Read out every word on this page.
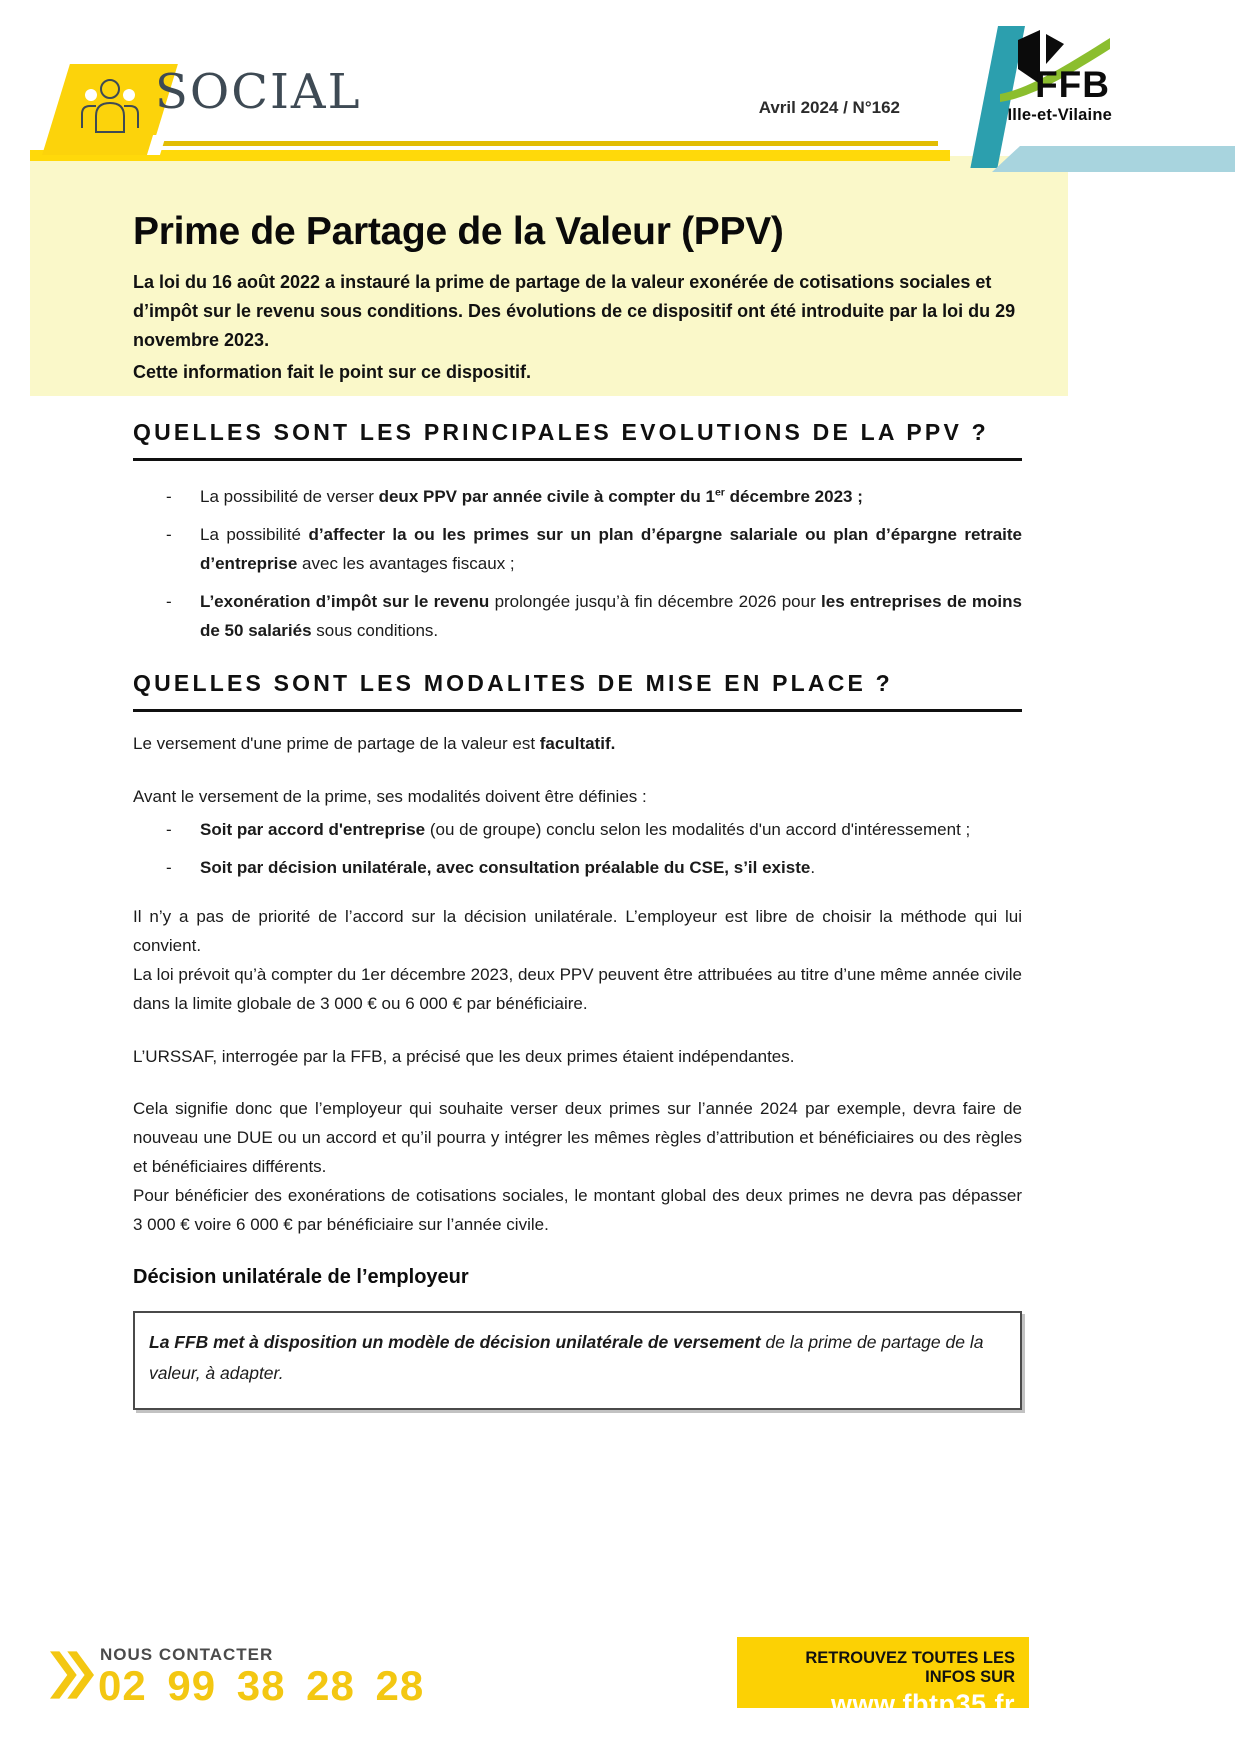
SOCIAL	Avril 2024 / N°162
FFB
Ille-et-Vilaine
Prime de Partage de la Valeur (PPV)

La loi du 16 août 2022 a instauré la prime de partage de la valeur exonérée de cotisations sociales et d’impôt sur le revenu sous conditions. Des évolutions de ce dispositif ont été introduite par la loi du 29 novembre 2023.

Cette information fait le point sur ce dispositif.

QUELLES SONT LES PRINCIPALES EVOLUTIONS DE LA PPV ?
- La possibilité de verser deux PPV par année civile à compter du 1er décembre 2023 ;
- La possibilité d’affecter la ou les primes sur un plan d’épargne salariale ou plan d’épargne retraite d’entreprise avec les avantages fiscaux ;
- L’exonération d’impôt sur le revenu prolongée jusqu’à fin décembre 2026 pour les entreprises de moins de 50 salariés sous conditions.
QUELLES SONT LES MODALITES DE MISE EN PLACE ?

Le versement d'une prime de partage de la valeur est facultatif.

Avant le versement de la prime, ses modalités doivent être définies :

- Soit par accord d'entreprise (ou de groupe) conclu selon les modalités d'un accord d'intéressement ;
- Soit par décision unilatérale, avec consultation préalable du CSE, s’il existe.

Il n’y a pas de priorité de l’accord sur la décision unilatérale. L’employeur est libre de choisir la méthode qui lui convient.

La loi prévoit qu’à compter du 1er décembre 2023, deux PPV peuvent être attribuées au titre d’une même année civile dans la limite globale de 3 000 € ou 6 000 € par bénéficiaire.

L’URSSAF, interrogée par la FFB, a précisé que les deux primes étaient indépendantes.

Cela signifie donc que l’employeur qui souhaite verser deux primes sur l’année 2024 par exemple, devra faire de nouveau une DUE ou un accord et qu’il pourra y intégrer les mêmes règles d’attribution et bénéficiaires ou des règles et bénéficiaires différents.

Pour bénéficier des exonérations de cotisations sociales, le montant global des deux primes ne devra pas dépasser 3 000 € voire 6 000 € par bénéficiaire sur l’année civile.

Décision unilatérale de l’employeur
La FFB met à disposition un modèle de décision unilatérale de versement de la prime de partage de la valeur, à adapter.
NOUS CONTACTER
02 99 38 28 28
RETROUVEZ TOUTES LES INFOS SUR
www.fbtp35.fr
